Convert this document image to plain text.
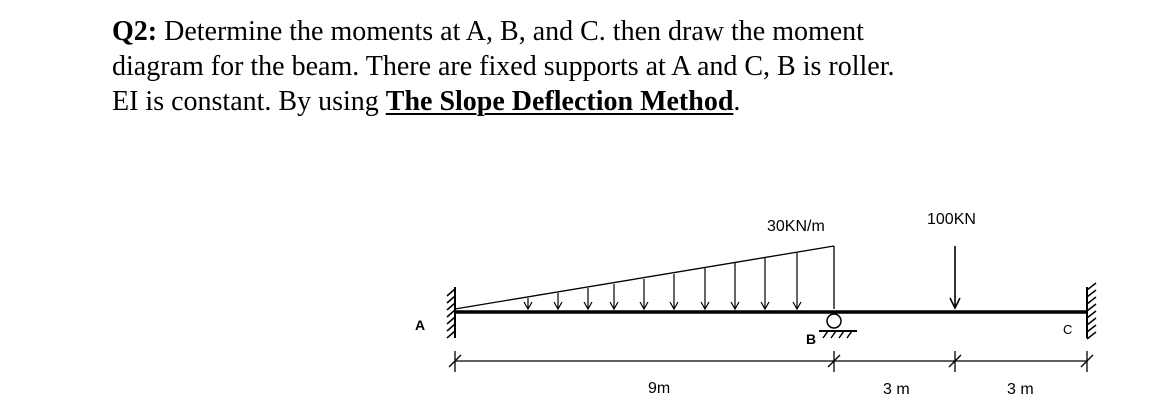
Q2: Determine the moments at A, B, and C. then draw the moment
diagram for the beam. There are fixed supports at A and C, B is roller.
EI is constant. By using The Slope Deflection Method.
30KN/m	100KN
A
B
C
9m	3 m	3 m
